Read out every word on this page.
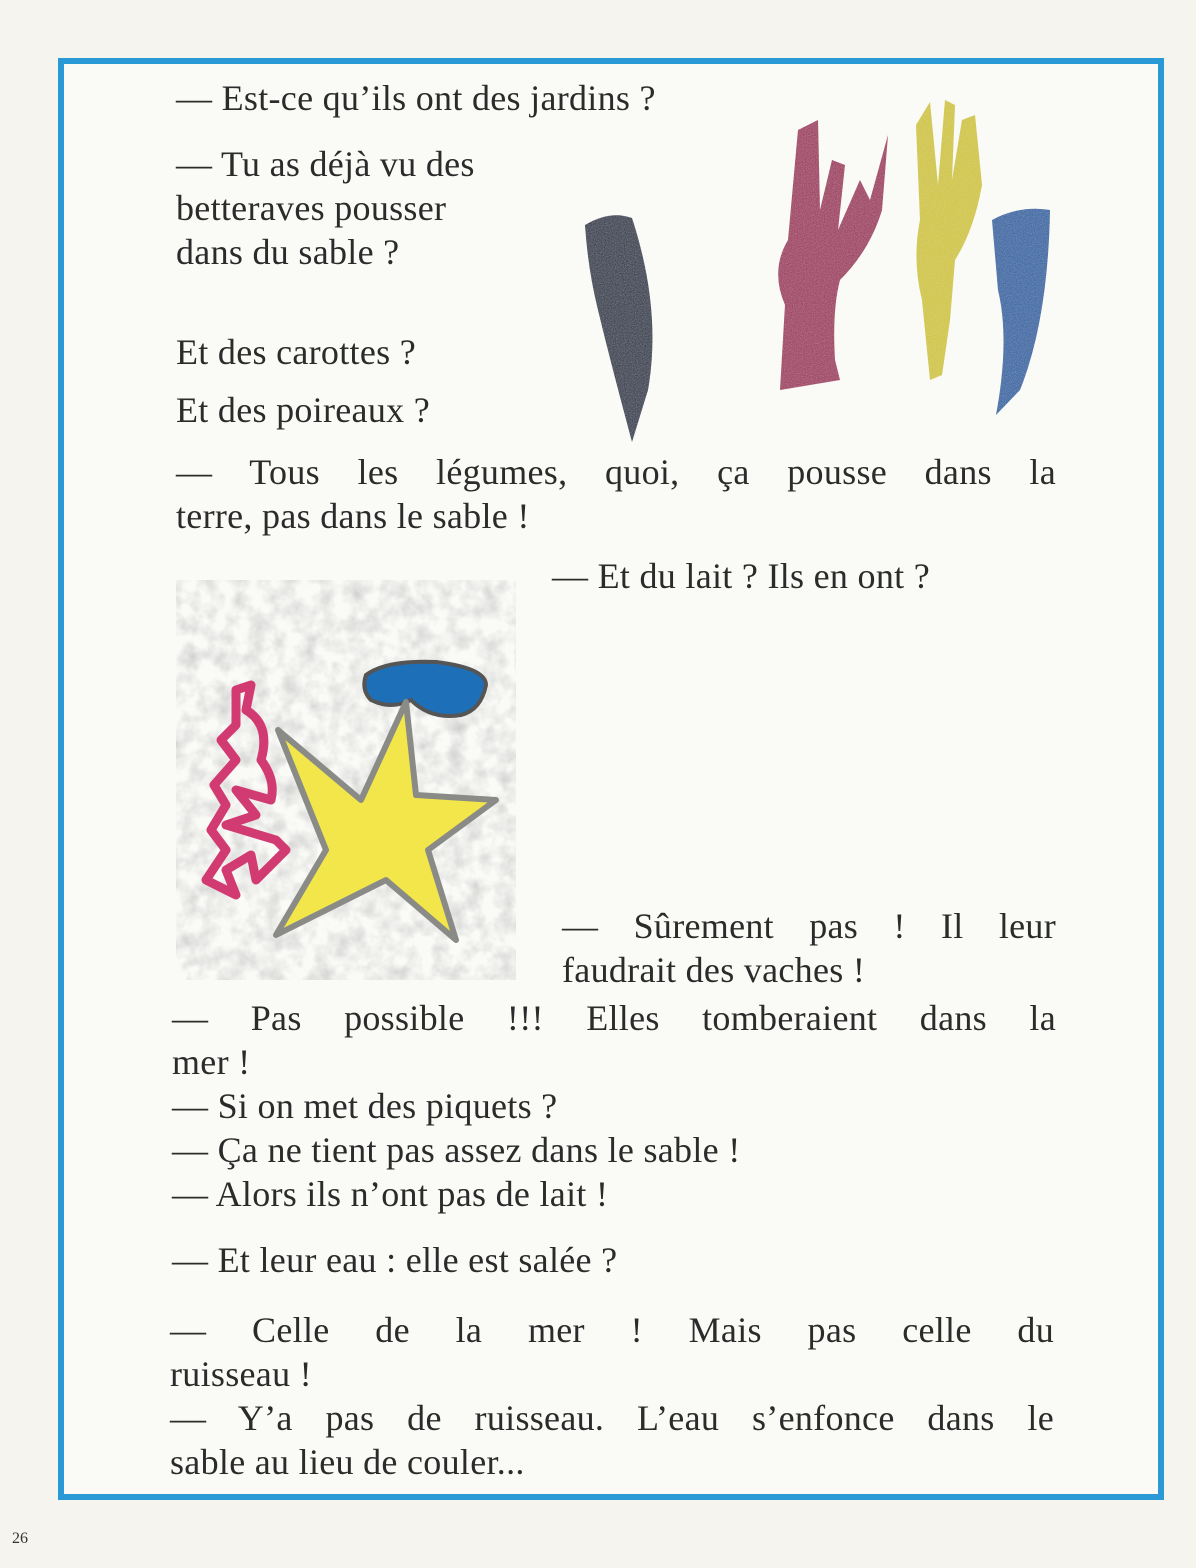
— Est-ce qu’ils ont des jardins ?

— Tu as déjà vu des

betteraves pousser

dans du sable ?

Et des carottes ?

Et des poireaux ?

— Tous les légumes, quoi, ça pousse dans la

terre, pas dans le sable !

— Et du lait ? Ils en ont ?

— Sûrement pas ! Il leur

faudrait des vaches !

— Pas possible !!! Elles tomberaient dans la

mer !

— Si on met des piquets ?

— Ça ne tient pas assez dans le sable !

— Alors ils n’ont pas de lait !

— Et leur eau : elle est salée ?

— Celle de la mer ! Mais pas celle du

ruisseau !

— Y’a pas de ruisseau. L’eau s’enfonce dans le

sable au lieu de couler...

26
